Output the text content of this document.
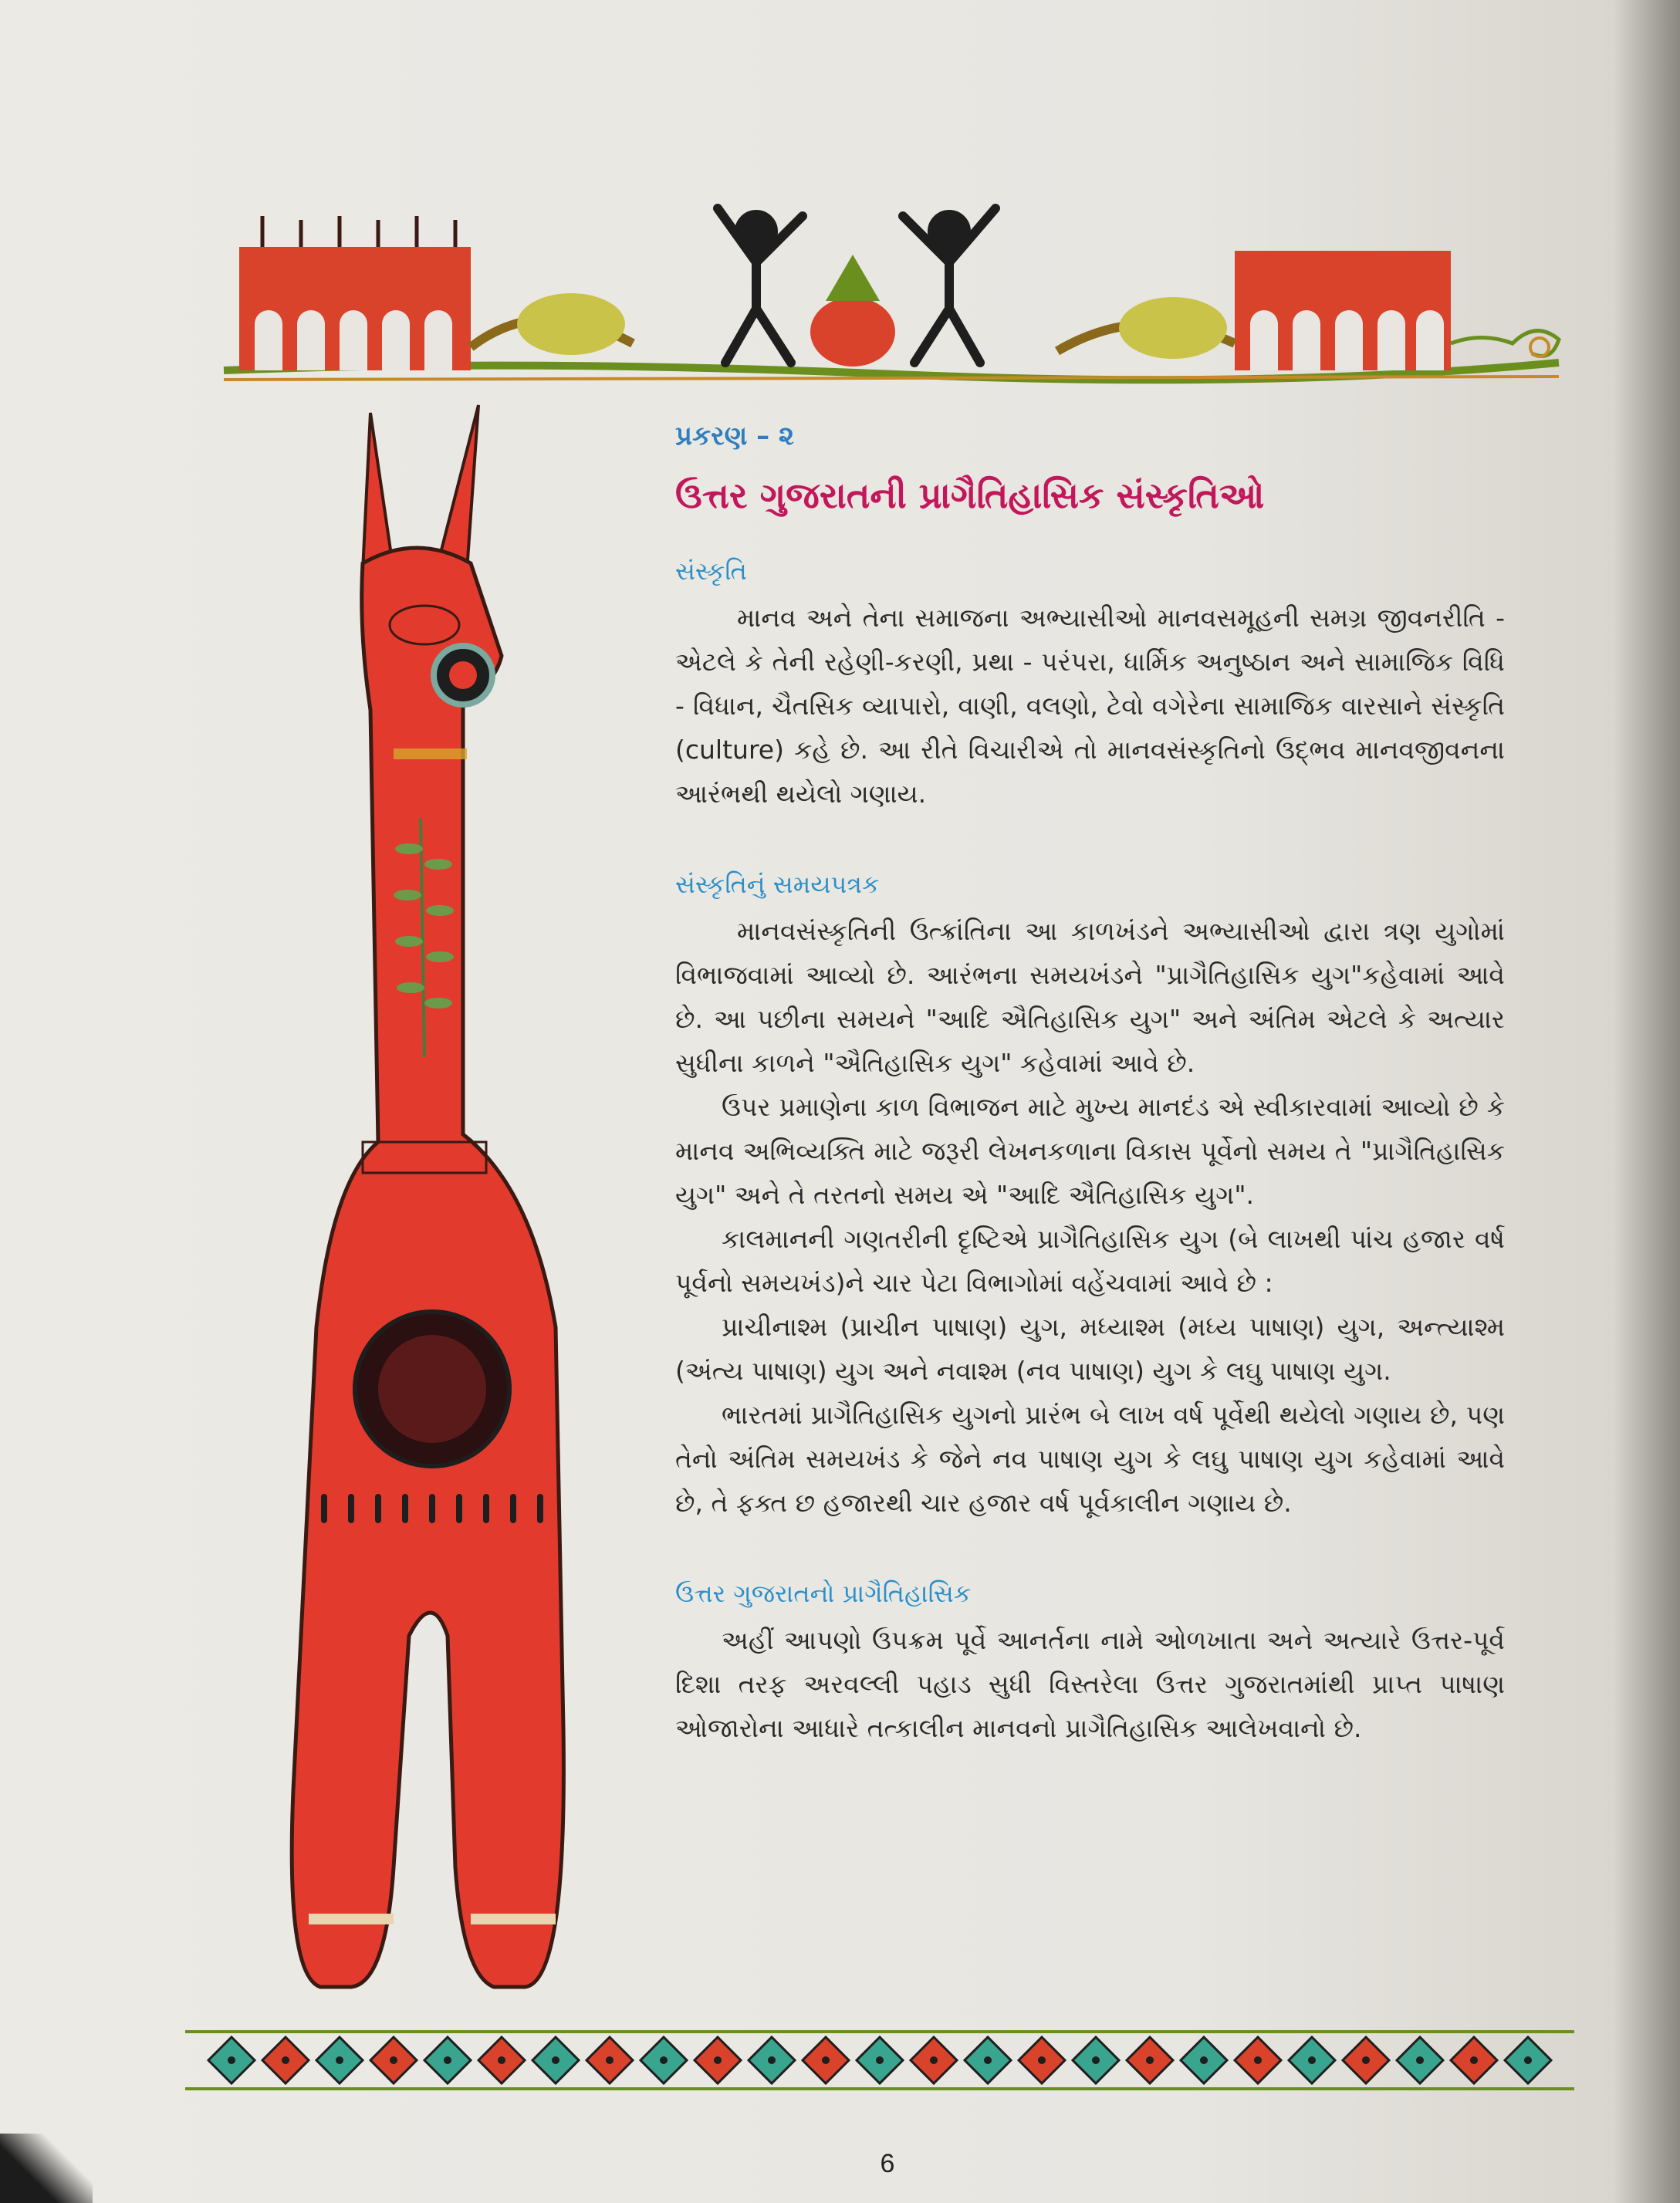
પ્રકરણ – ૨
ઉત્તર ગુજરાતની પ્રાગૈતિહાસિક સંસ્કૃતિઓ
સંસ્કૃતિ

માનવ અને તેના સમાજના અભ્યાસીઓ માનવસમૂહની સમગ્ર જીવનરીતિ - એટલે કે તેની રહેણી-કરણી, પ્રથા - પરંપરા, ધાર્મિક અનુષ્ઠાન અને સામાજિક વિધિ - વિધાન, ચૈતસિક વ્યાપારો, વાણી, વલણો, ટેવો વગેરેના સામાજિક વારસાને સંસ્કૃતિ (culture) કહે છે. આ રીતે વિચારીએ તો માનવસંસ્કૃતિનો ઉદ્ભવ માનવજીવનના આરંભથી થયેલો ગણાય.

સંસ્કૃતિનું સમયપત્રક

માનવસંસ્કૃતિની ઉત્ક્રાંતિના આ કાળખંડને અભ્યાસીઓ દ્વારા ત્રણ યુગોમાં વિભાજવામાં આવ્યો છે. આરંભના સમયખંડને "પ્રાગૈતિહાસિક યુગ"કહેવામાં આવે છે. આ પછીના સમયને "આદિ ઐતિહાસિક યુગ" અને અંતિમ એટલે કે અત્યાર સુધીના કાળને "ઐતિહાસિક યુગ" કહેવામાં આવે છે.

ઉપર પ્રમાણેના કાળ વિભાજન માટે મુખ્ય માનદંડ એ સ્વીકારવામાં આવ્યો છે કે માનવ અભિવ્યક્તિ માટે જરૂરી લેખનકળાના વિકાસ પૂર્વેનો સમય તે "પ્રાગૈતિહાસિક યુગ" અને તે તરતનો સમય એ "આદિ ઐતિહાસિક યુગ".

કાલમાનની ગણતરીની દૃષ્ટિએ પ્રાગૈતિહાસિક યુગ (બે લાખથી પાંચ હજાર વર્ષ પૂર્વનો સમયખંડ)ને ચાર પેટા વિભાગોમાં વહેંચવામાં આવે છે :

પ્રાચીનાશ્મ (પ્રાચીન પાષાણ) યુગ, મધ્યાશ્મ (મધ્ય પાષાણ) યુગ, અન્ત્યાશ્મ (અંત્ય પાષાણ) યુગ અને નવાશ્મ (નવ પાષાણ) યુગ કે લઘુ પાષાણ યુગ.

ભારતમાં પ્રાગૈતિહાસિક યુગનો પ્રારંભ બે લાખ વર્ષ પૂર્વેથી થયેલો ગણાય છે, પણ તેનો અંતિમ સમયખંડ કે જેને નવ પાષાણ યુગ કે લઘુ પાષાણ યુગ કહેવામાં આવે છે, તે ફક્ત છ હજારથી ચાર હજાર વર્ષ પૂર્વકાલીન ગણાય છે.

ઉત્તર ગુજરાતનો પ્રાગૈતિહાસિક

અહીં આપણો ઉપક્રમ પૂર્વે આનર્તના નામે ઓળખાતા અને અત્યારે ઉત્તર-પૂર્વ દિશા તરફ અરવલ્લી પહાડ સુધી વિસ્તરેલા ઉત્તર ગુજરાતમાંથી પ્રાપ્ત પાષાણ ઓજારોના આધારે તત્કાલીન માનવનો પ્રાગૈતિહાસિક આલેખવાનો છે.

6
